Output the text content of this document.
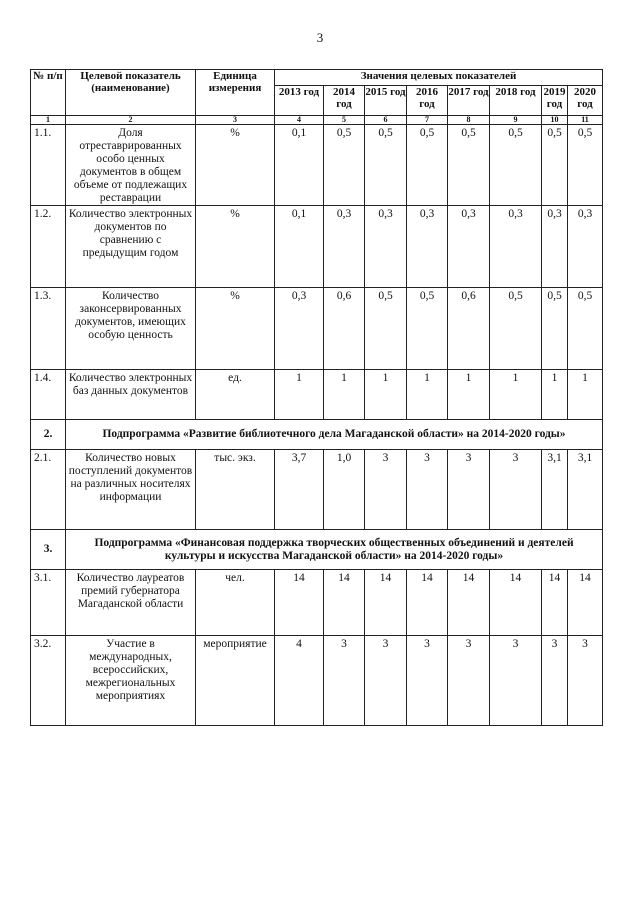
3
№ п/п	Целевой показатель (наименование)	Единица измерения	Значения целевых показателей							
			2013 год	2014 год	2015 год	2016 год	2017 год	2018 год	2019 год	2020 год
1	2	3	4	5	6	7	8	9	10	11
1.1.	Доля отреставрированных особо ценных документов в общем объеме от подлежащих реставрации	%	0,1	0,5	0,5	0,5	0,5	0,5	0,5	0,5
1.2.	Количество электронных документов по сравнению с предыдущим годом	%	0,1	0,3	0,3	0,3	0,3	0,3	0,3	0,3
1.3.	Количество законсервированных документов, имеющих особую ценность	%	0,3	0,6	0,5	0,5	0,6	0,5	0,5	0,5
1.4.	Количество электронных баз данных документов	ед.	1	1	1	1	1	1	1	1
2.	Подпрограмма «Развитие библиотечного дела Магаданской области» на 2014-2020 годы»									
2.1.	Количество новых поступлений документов на различных носителях информации	тыс. экз.	3,7	1,0	3	3	3	3	3,1	3,1
3.	Подпрограмма «Финансовая поддержка творческих общественных объединений и деятелей культуры и искусства Магаданской области» на 2014-2020 годы»									
3.1.	Количество лауреатов премий губернатора Магаданской области	чел.	14	14	14	14	14	14	14	14
3.2.	Участие в международных, всероссийских, межрегиональных мероприятиях	мероприятие	4	3	3	3	3	3	3	3
